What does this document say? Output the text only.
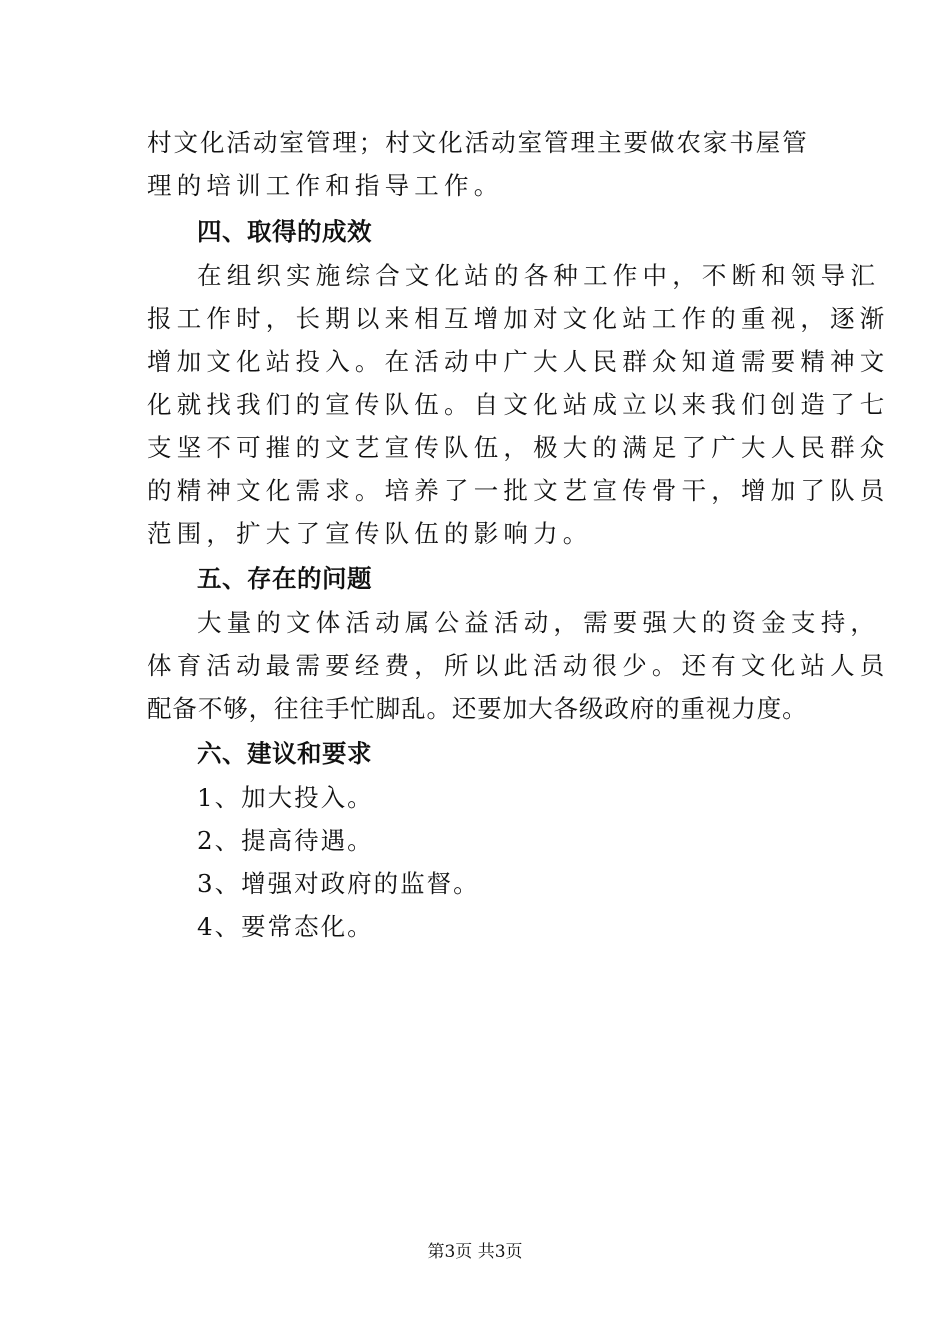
村 文 化 活 动 室 管 理 ； 村 文 化 活 动 室 管 理 主 要 做 农 家 书 屋 管
理的培训工作和指导工作。
四、取得的成效
在组织实施综合文化站的各种工作中，不断和领导汇
报工作时，长期以来相互增加对文化站工作的重视，逐渐
增加文化站投入。在活动中广大人民群众知道需要精神文
化就找我们的宣传队伍。自文化站成立以来我们创造了七
支坚不可摧的文艺宣传队伍，极大的满足了广大人民群众
的精神文化需求。培养了一批文艺宣传骨干，增加了队员
范围，扩大了宣传队伍的影响力。
五、存在的问题
大量的文体活动属公益活动，需要强大的资金支持，
体育活动最需要经费，所以此活动很少。还有文化站人员
配 备 不 够 ， 往 往 手 忙 脚 乱 。 还 要 加 大 各 级 政 府 的 重 视 力 度 。
六、建议和要求
1、加大投入。
2、提高待遇。
3、增强对政府的监督。
4、要常态化。
第3页 共3页
